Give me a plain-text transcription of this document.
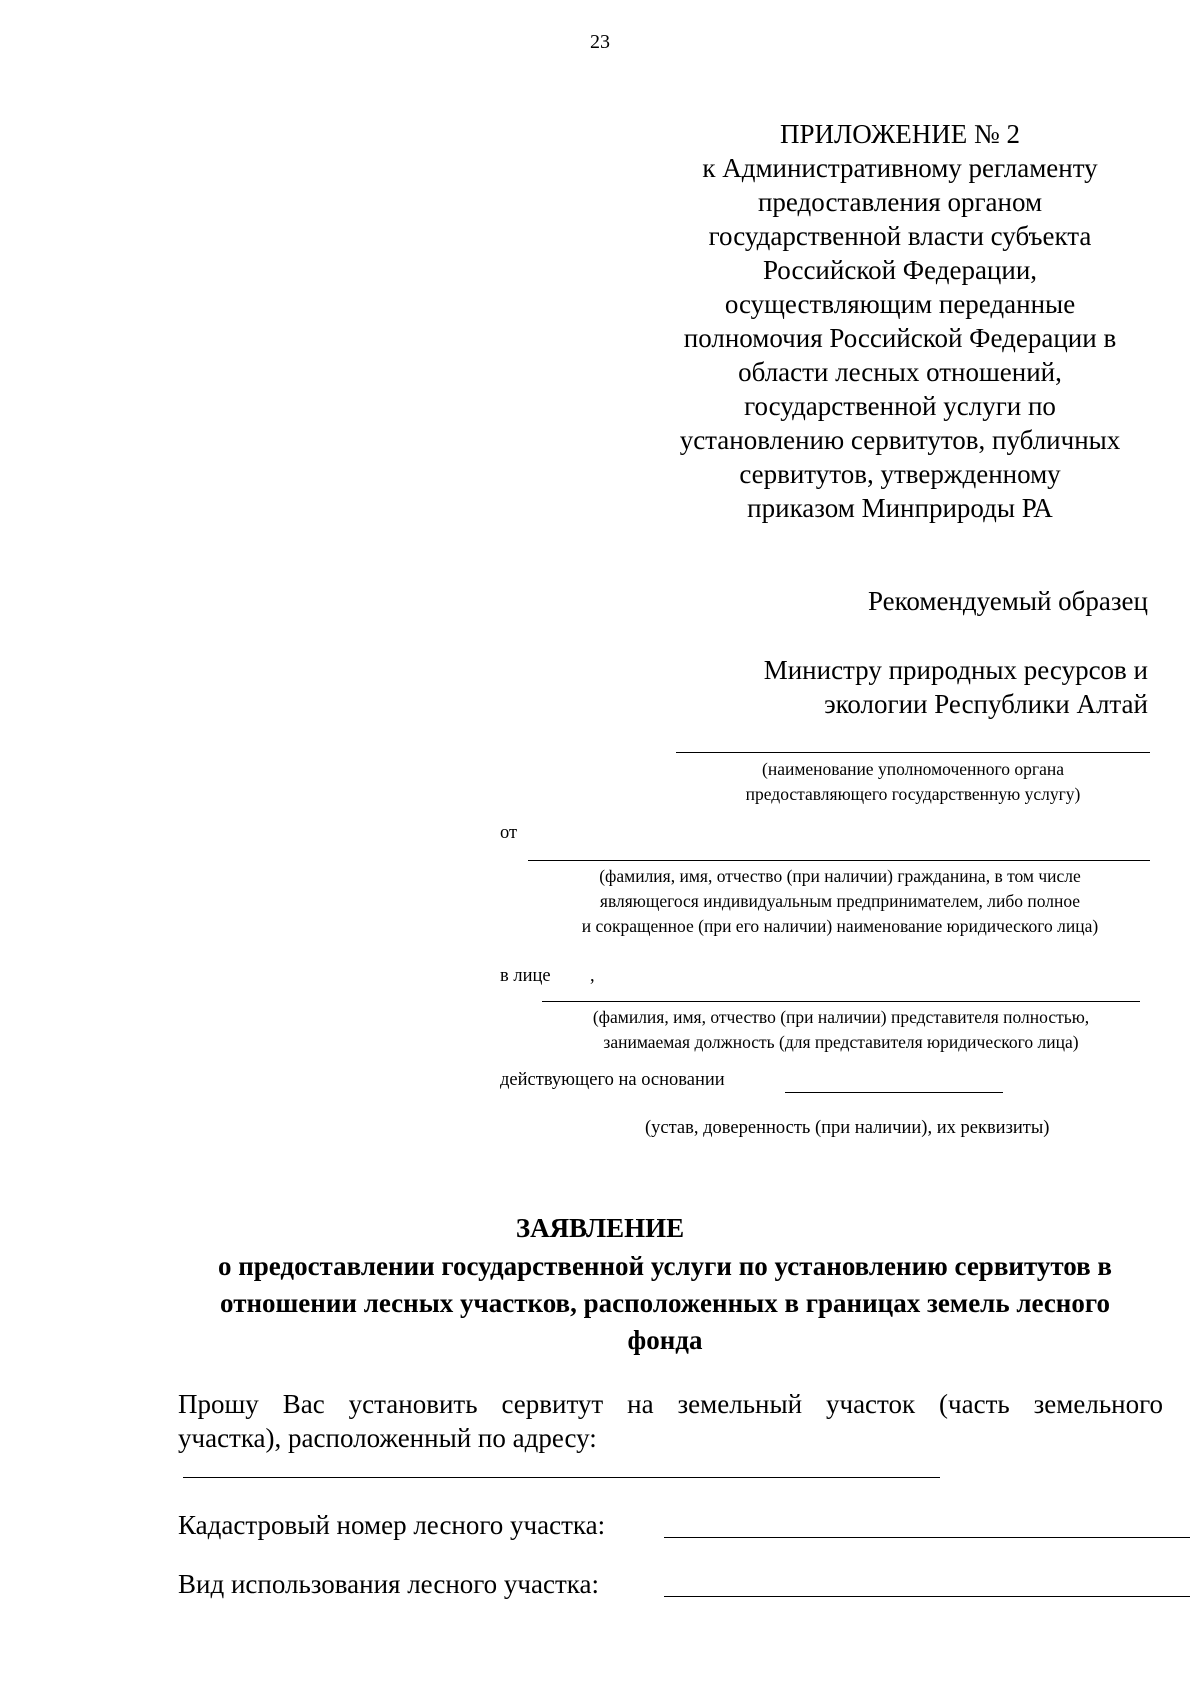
23
ПРИЛОЖЕНИЕ № 2
к Административному регламенту
предоставления органом
государственной власти субъекта
Российской Федерации,
осуществляющим переданные
полномочия Российской Федерации в
области лесных отношений,
государственной услуги по
установлению сервитутов, публичных
сервитутов, утвержденному
приказом Минприроды РА
Рекомендуемый образец
Министру природных ресурсов и
экологии Республики Алтай
(наименование уполномоченного органа
предоставляющего государственную услугу)
от
(фамилия, имя, отчество (при наличии) гражданина, в том числе
являющегося индивидуальным предпринимателем, либо полное
и сокращенное (при его наличии) наименование юридического лица)
в лице ,
(фамилия, имя, отчество (при наличии) представителя полностью,
занимаемая должность (для представителя юридического лица)
действующего на основании
(устав, доверенность (при наличии), их реквизиты)
ЗАЯВЛЕНИЕ
о предоставлении государственной услуги по установлению сервитутов в
отношении лесных участков, расположенных в границах земель лесного
фонда
Прошу Вас установить сервитут на земельный участок (часть земельного
участка), расположенный по адресу:
Кадастровый номер лесного участка:
Вид использования лесного участка:
